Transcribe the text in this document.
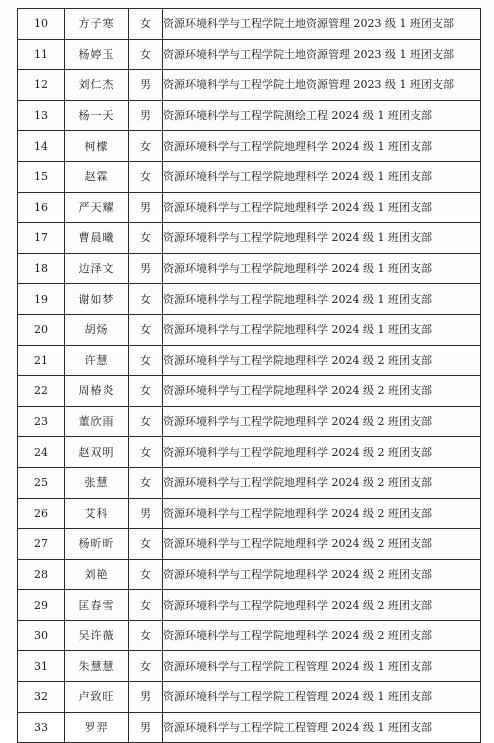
10	方子寒	女	资源环境科学与工程学院土地资源管理 2023 级 1 班团支部
11	杨婷玉	女	资源环境科学与工程学院土地资源管理 2023 级 1 班团支部
12	刘仁杰	男	资源环境科学与工程学院土地资源管理 2023 级 1 班团支部
13	杨一天	男	资源环境科学与工程学院测绘工程 2024 级 1 班团支部
14	柯檬	女	资源环境科学与工程学院地理科学 2024 级 1 班团支部
15	赵霖	女	资源环境科学与工程学院地理科学 2024 级 1 班团支部
16	严天耀	男	资源环境科学与工程学院地理科学 2024 级 1 班团支部
17	曹晨曦	女	资源环境科学与工程学院地理科学 2024 级 1 班团支部
18	边泽文	男	资源环境科学与工程学院地理科学 2024 级 1 班团支部
19	谢如梦	女	资源环境科学与工程学院地理科学 2024 级 1 班团支部
20	胡炀	女	资源环境科学与工程学院地理科学 2024 级 1 班团支部
21	许慧	女	资源环境科学与工程学院地理科学 2024 级 2 班团支部
22	周椿炎	女	资源环境科学与工程学院地理科学 2024 级 2 班团支部
23	董欣雨	女	资源环境科学与工程学院地理科学 2024 级 2 班团支部
24	赵双明	女	资源环境科学与工程学院地理科学 2024 级 2 班团支部
25	张慧	女	资源环境科学与工程学院地理科学 2024 级 2 班团支部
26	艾科	男	资源环境科学与工程学院地理科学 2024 级 2 班团支部
27	杨昕昕	女	资源环境科学与工程学院地理科学 2024 级 2 班团支部
28	刘艳	女	资源环境科学与工程学院地理科学 2024 级 2 班团支部
29	匡春雪	女	资源环境科学与工程学院地理科学 2024 级 2 班团支部
30	吴许薇	女	资源环境科学与工程学院地理科学 2024 级 2 班团支部
31	朱慧慧	女	资源环境科学与工程学院工程管理 2024 级 1 班团支部
32	卢致旺	男	资源环境科学与工程学院工程管理 2024 级 1 班团支部
33	罗羿	男	资源环境科学与工程学院工程管理 2024 级 1 班团支部
